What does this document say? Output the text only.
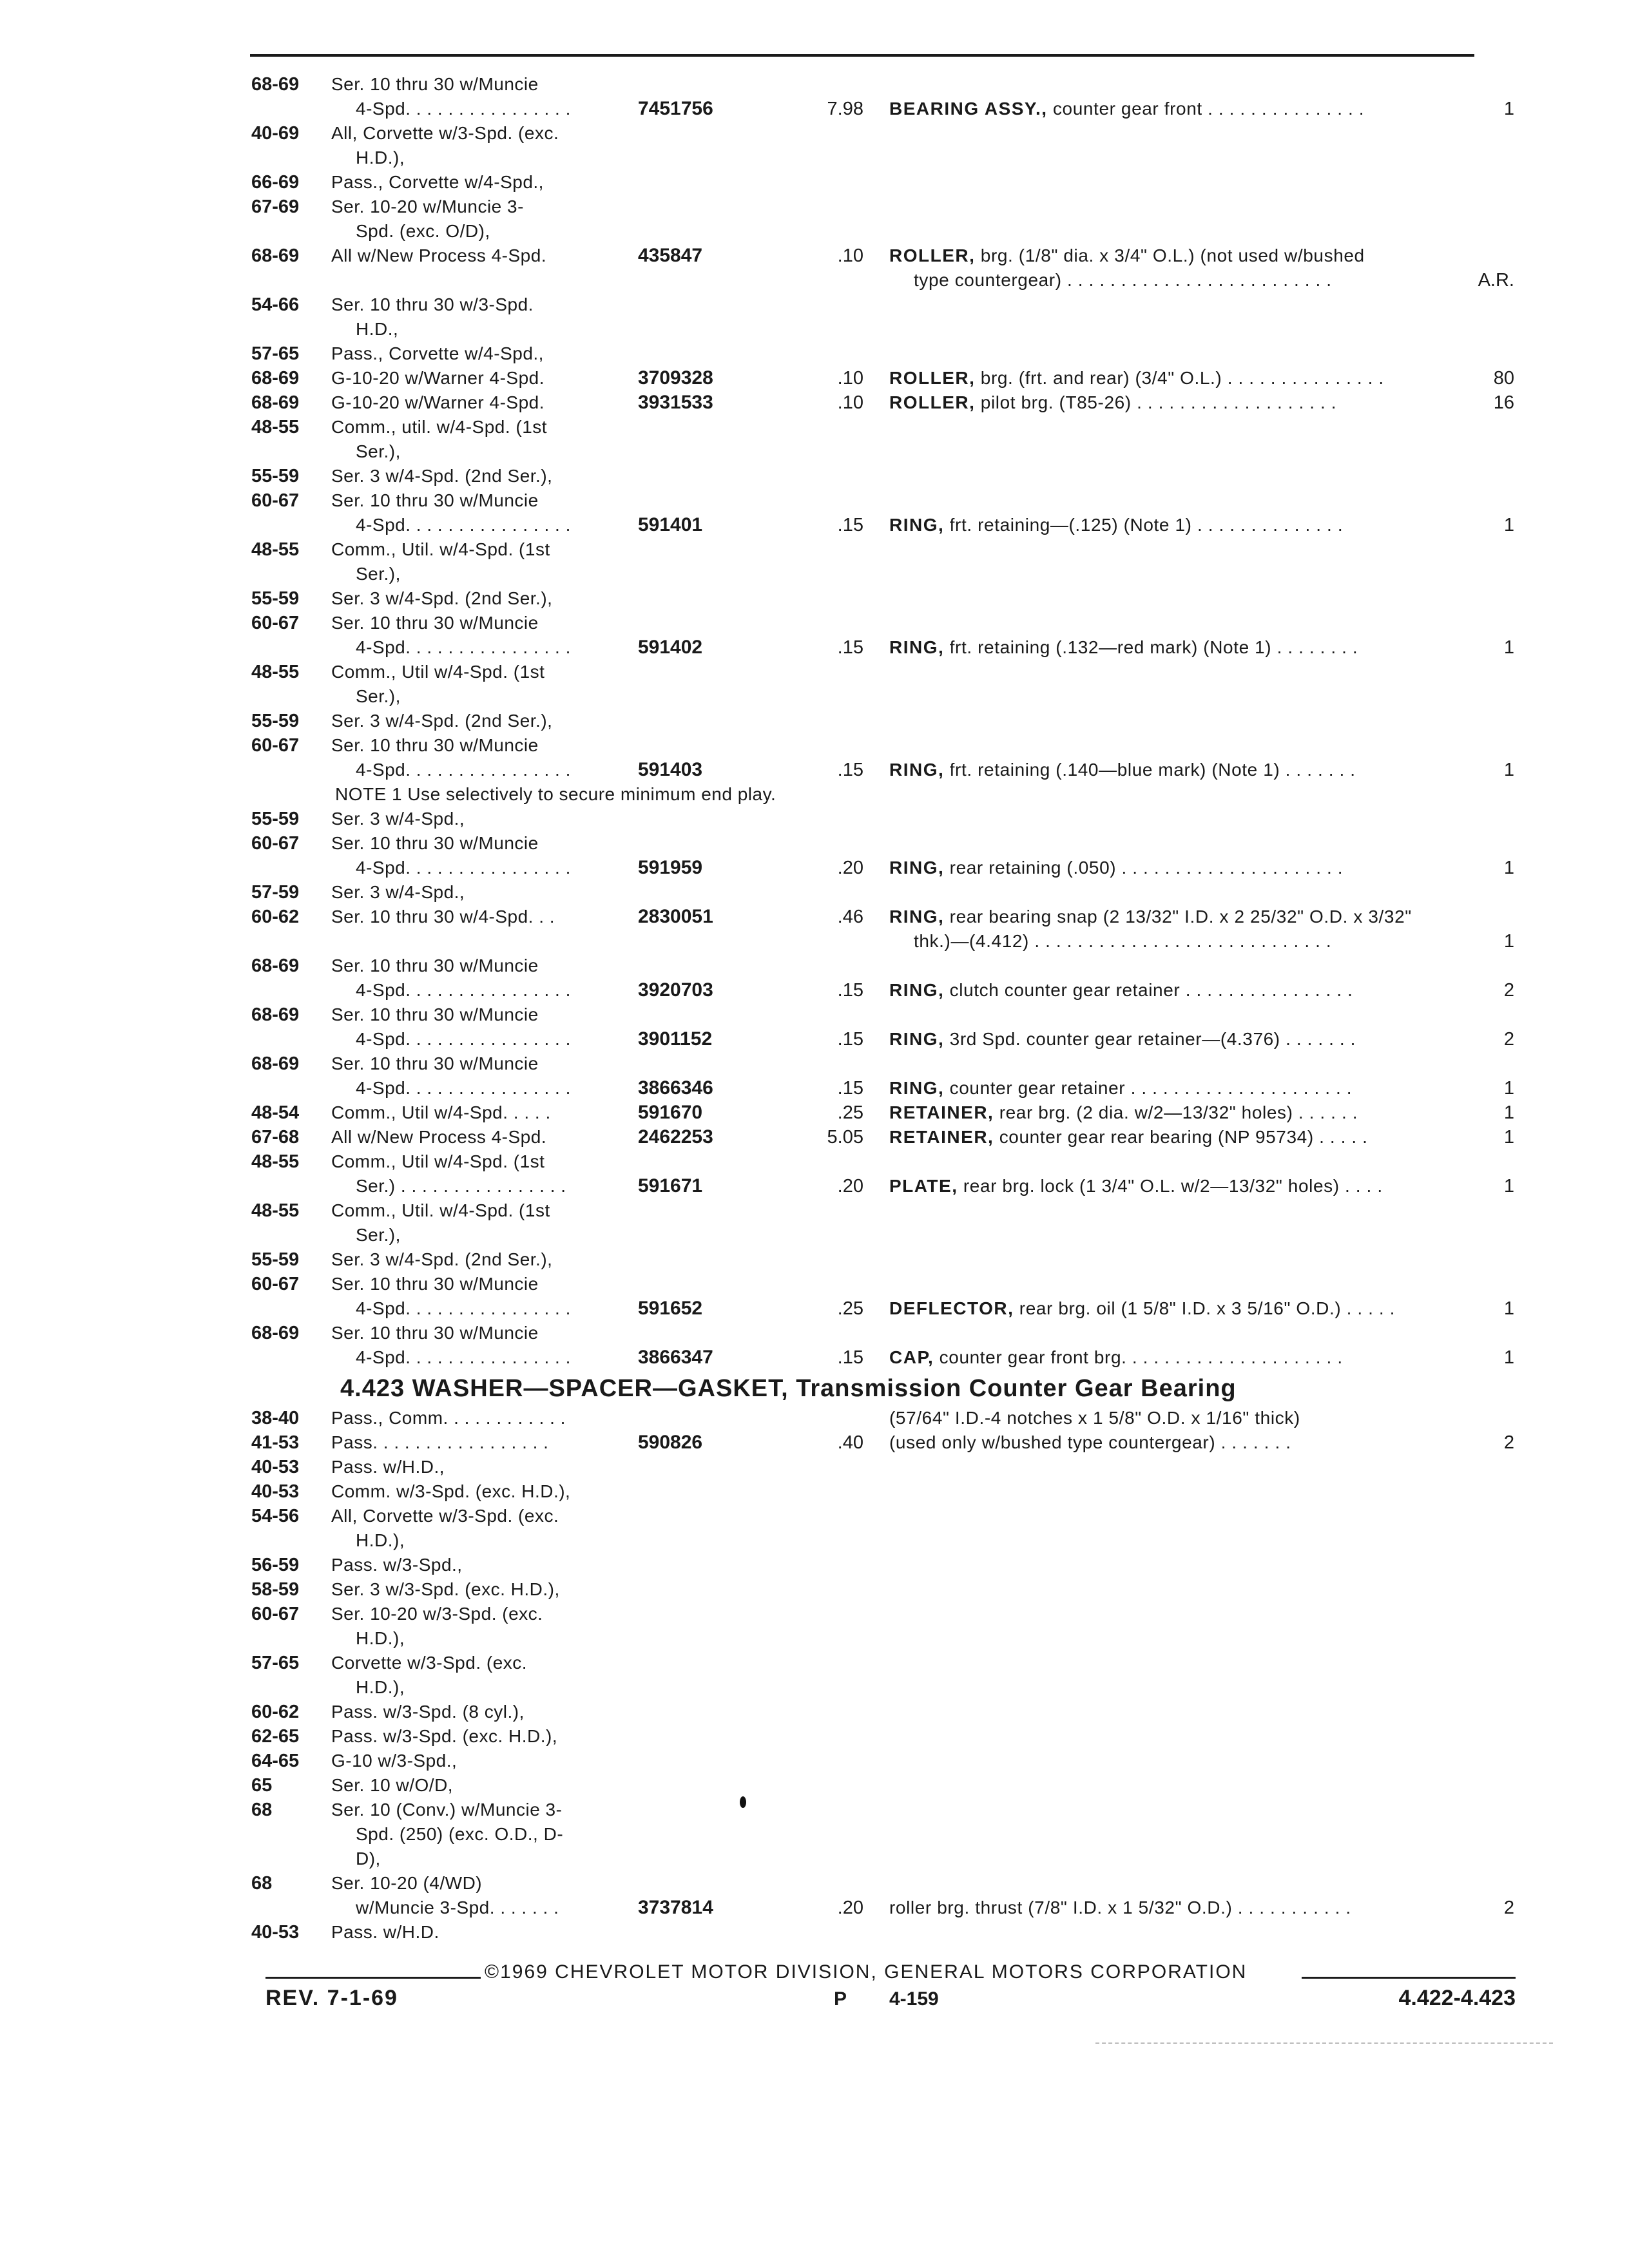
68-69	Ser. 10 thru 30 w/Muncie
4-Spd. . . . . . . . . . . . . . . .	7451756	7.98 BEARING ASSY., counter gear front . . . . . . . . . . . . . . .	1
40-69	All, Corvette w/3-Spd. (exc.
H.D.),
66-69	Pass., Corvette w/4-Spd.,
67-69	Ser. 10-20 w/Muncie 3-
Spd. (exc. O/D),
68-69	All w/New Process 4-Spd.	435847	.10 ROLLER, brg. (1/8" dia. x 3/4" O.L.) (not used w/bushed
type countergear) . . . . . . . . . . . . . . . . . . . . . . . . .	A.R.
54-66	Ser. 10 thru 30 w/3-Spd.
H.D.,
57-65	Pass., Corvette w/4-Spd.,
68-69	G-10-20 w/Warner 4-Spd.	3709328	.10 ROLLER, brg. (frt. and rear) (3/4" O.L.) . . . . . . . . . . . . . . .	80
68-69	G-10-20 w/Warner 4-Spd.	3931533	.10 ROLLER, pilot brg. (T85-26) . . . . . . . . . . . . . . . . . . .	16
48-55	Comm., util. w/4-Spd. (1st
Ser.),
55-59	Ser. 3 w/4-Spd. (2nd Ser.),
60-67	Ser. 10 thru 30 w/Muncie
4-Spd. . . . . . . . . . . . . . . .	591401	.15 RING, frt. retaining—(.125) (Note 1) . . . . . . . . . . . . . .	1
48-55	Comm., Util. w/4-Spd. (1st
Ser.),
55-59	Ser. 3 w/4-Spd. (2nd Ser.),
60-67	Ser. 10 thru 30 w/Muncie
4-Spd. . . . . . . . . . . . . . . .	591402	.15 RING, frt. retaining (.132—red mark) (Note 1) . . . . . . . .	1
48-55	Comm., Util w/4-Spd. (1st
Ser.),
55-59	Ser. 3 w/4-Spd. (2nd Ser.),
60-67	Ser. 10 thru 30 w/Muncie
4-Spd. . . . . . . . . . . . . . . .	591403	.15 RING, frt. retaining (.140—blue mark) (Note 1) . . . . . . .	1
NOTE 1 Use selectively to secure minimum end play.
55-59	Ser. 3 w/4-Spd.,
60-67	Ser. 10 thru 30 w/Muncie
4-Spd. . . . . . . . . . . . . . . .	591959	.20 RING, rear retaining (.050) . . . . . . . . . . . . . . . . . . . . .	1
57-59	Ser. 3 w/4-Spd.,
60-62	Ser. 10 thru 30 w/4-Spd. . .	2830051	.46 RING, rear bearing snap (2 13/32" I.D. x 2 25/32" O.D. x 3/32"
thk.)—(4.412) . . . . . . . . . . . . . . . . . . . . . . . . . . . .	1
68-69	Ser. 10 thru 30 w/Muncie
4-Spd. . . . . . . . . . . . . . . .	3920703	.15 RING, clutch counter gear retainer . . . . . . . . . . . . . . . .	2
68-69	Ser. 10 thru 30 w/Muncie
4-Spd. . . . . . . . . . . . . . . .	3901152	.15 RING, 3rd Spd. counter gear retainer—(4.376) . . . . . . .	2
68-69	Ser. 10 thru 30 w/Muncie
4-Spd. . . . . . . . . . . . . . . .	3866346	.15 RING, counter gear retainer . . . . . . . . . . . . . . . . . . . . .	1
48-54	Comm., Util w/4-Spd. . . . .	591670	.25 RETAINER, rear brg. (2 dia. w/2—13/32" holes) . . . . . .	1
67-68	All w/New Process 4-Spd.	2462253	5.05 RETAINER, counter gear rear bearing (NP 95734) . . . . .	1
48-55	Comm., Util w/4-Spd. (1st
Ser.) . . . . . . . . . . . . . . . .	591671	.20 PLATE, rear brg. lock (1 3/4" O.L. w/2—13/32" holes) . . . .	1
48-55	Comm., Util. w/4-Spd. (1st
Ser.),
55-59	Ser. 3 w/4-Spd. (2nd Ser.),
60-67	Ser. 10 thru 30 w/Muncie
4-Spd. . . . . . . . . . . . . . . .	591652	.25 DEFLECTOR, rear brg. oil (1 5/8" I.D. x 3 5/16" O.D.) . . . . .	1
68-69	Ser. 10 thru 30 w/Muncie
4-Spd. . . . . . . . . . . . . . . .	3866347	.15 CAP, counter gear front brg. . . . . . . . . . . . . . . . . . . . .	1
4.423 WASHER—SPACER—GASKET, Transmission Counter Gear Bearing
38-40	Pass., Comm. . . . . . . . . . . .	(57/64" I.D.-4 notches x 1 5/8" O.D. x 1/16" thick)
41-53	Pass. . . . . . . . . . . . . . . . .	590826	.40 (used only w/bushed type countergear) . . . . . . .	2
40-53	Pass. w/H.D.,
40-53	Comm. w/3-Spd. (exc. H.D.),
54-56	All, Corvette w/3-Spd. (exc.
H.D.),
56-59	Pass. w/3-Spd.,
58-59	Ser. 3 w/3-Spd. (exc. H.D.),
60-67	Ser. 10-20 w/3-Spd. (exc.
H.D.),
57-65	Corvette w/3-Spd. (exc.
H.D.),
60-62	Pass. w/3-Spd. (8 cyl.),
62-65	Pass. w/3-Spd. (exc. H.D.),
64-65	G-10 w/3-Spd.,
65	Ser. 10 w/O/D,
68	Ser. 10 (Conv.) w/Muncie 3-
Spd. (250) (exc. O.D., D-
D),
68	Ser. 10-20 (4/WD)
w/Muncie 3-Spd. . . . . . .	3737814	.20 roller brg. thrust (7/8" I.D. x 1 5/32" O.D.) . . . . . . . . . . .	2
40-53	Pass. w/H.D.
©1969 CHEVROLET MOTOR DIVISION, GENERAL MOTORS CORPORATION
REV. 7-1-69	P 4-159	4.422-4.423
